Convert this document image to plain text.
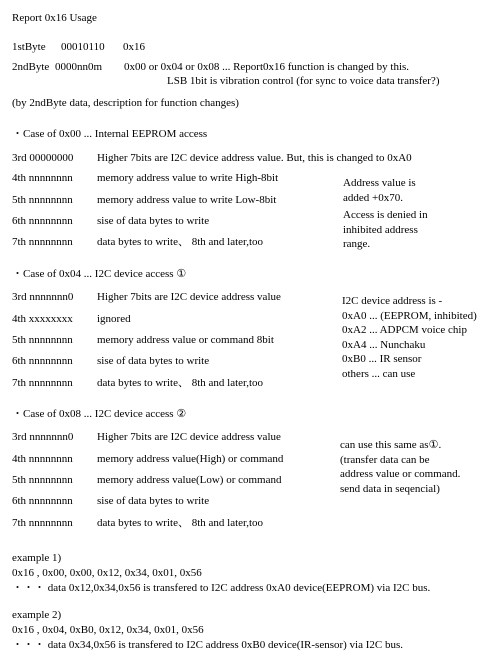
Report 0x16 Usage
1stByte 00010110 0x16
2ndByte 0000nn0m 0x00 or 0x04 or 0x08 ... Report0x16 function is changed by this.
LSB 1bit is vibration control (for sync to voice data transfer?)
(by 2ndByte data, description for function changes)
・Case of 0x00 ... Internal EEPROM access
3rd 00000000 Higher 7bits are I2C device address value. But, this is changed to 0xA0
4th nnnnnnnn memory address value to write High-8bit
5th nnnnnnnn memory address value to write Low-8bit
6th nnnnnnnn sise of data bytes to write
7th nnnnnnnn data bytes to write、 8th and later,too
Address value is
added +0x70.
Access is denied in
inhibited address
range.
・Case of 0x04 ... I2C device access ①
3rd nnnnnnn0 Higher 7bits are I2C device address value
4th xxxxxxxx ignored
5th nnnnnnnn memory address value or command 8bit
6th nnnnnnnn sise of data bytes to write
7th nnnnnnnn data bytes to write、 8th and later,too
I2C device address is -
0xA0 ... (EEPROM, inhibited)
0xA2 ... ADPCM voice chip
0xA4 ... Nunchaku
0xB0 ... IR sensor
others ... can use
・Case of 0x08 ... I2C device access ②
3rd nnnnnnn0 Higher 7bits are I2C device address value
4th nnnnnnnn memory address value(High) or command
5th nnnnnnnn memory address value(Low) or command
6th nnnnnnnn sise of data bytes to write
7th nnnnnnnn data bytes to write、 8th and later,too
can use this same as①.
(transfer data can be
address value or command.
send data in seqencial)
example 1)
0x16 , 0x00, 0x00, 0x12, 0x34, 0x01, 0x56
・・・ data 0x12,0x34,0x56 is transfered to I2C address 0xA0 device(EEPROM) via I2C bus.
example 2)
0x16 , 0x04, 0xB0, 0x12, 0x34, 0x01, 0x56
・・・ data 0x34,0x56 is transfered to I2C address 0xB0 device(IR-sensor) via I2C bus.
